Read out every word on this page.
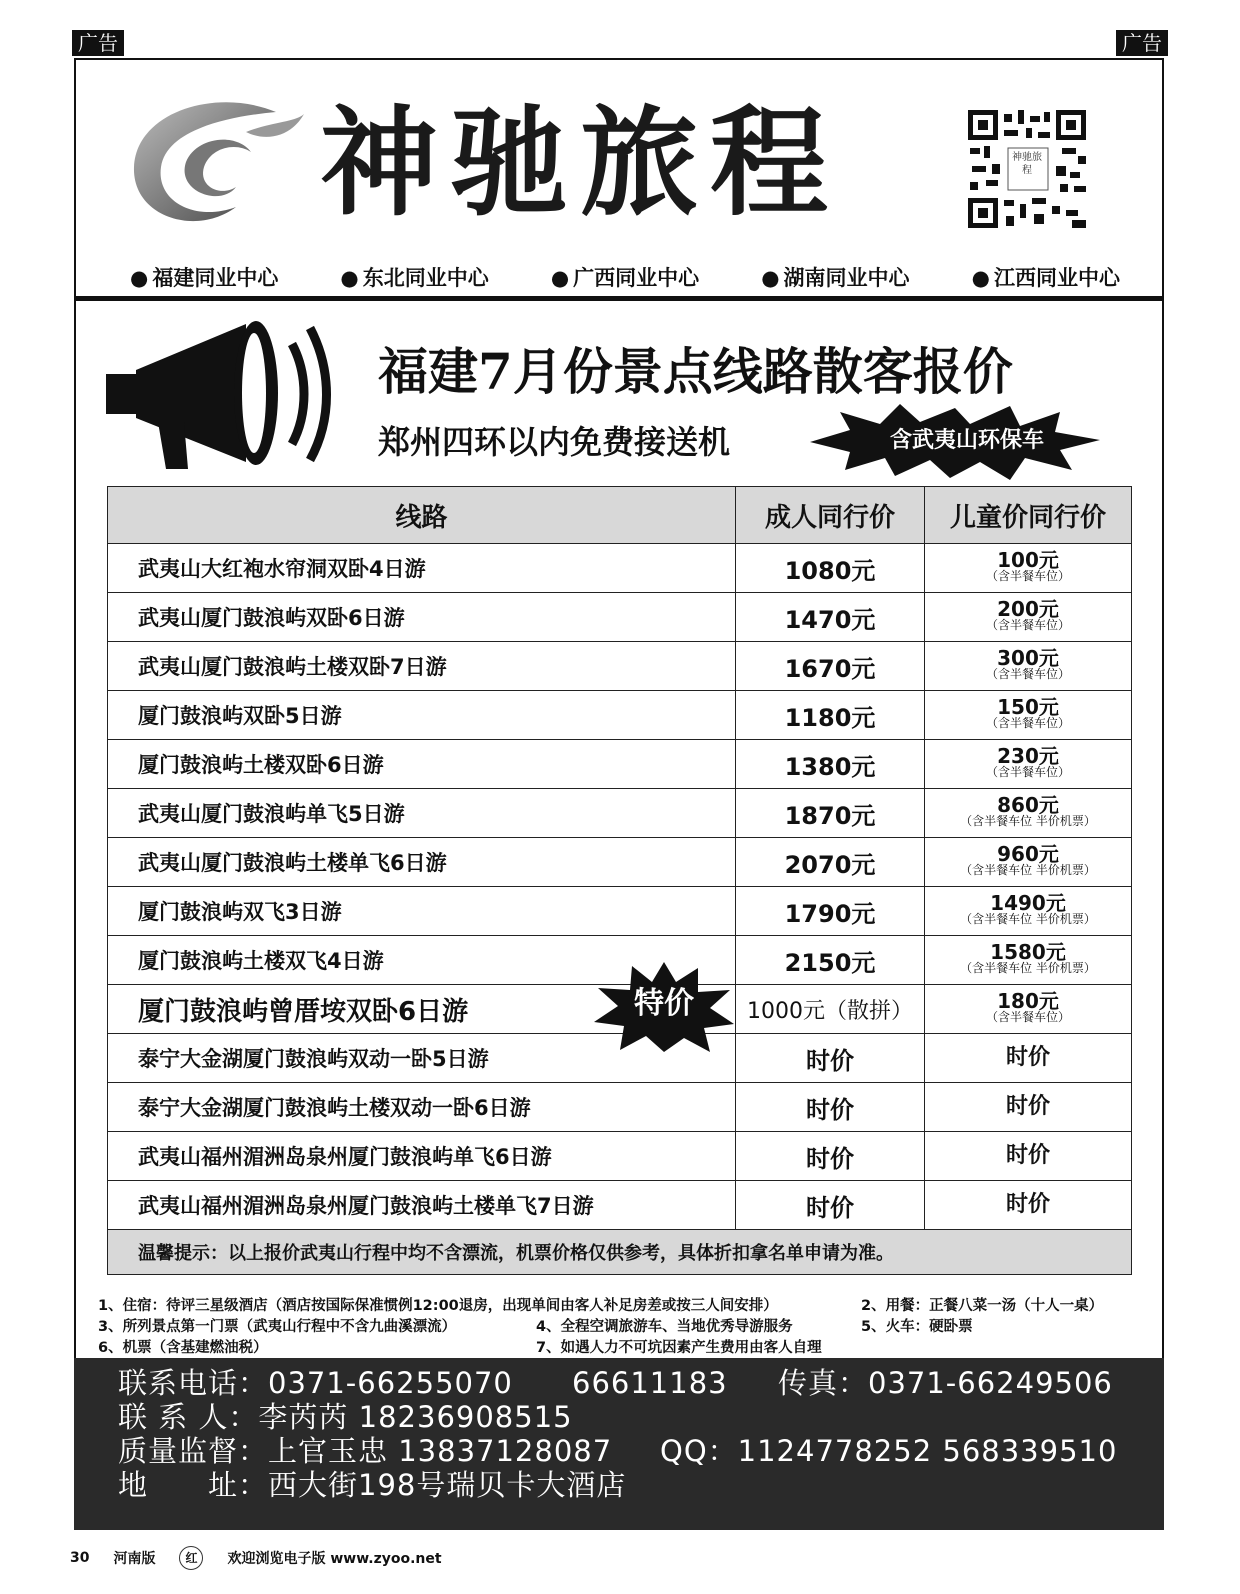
广告	广告
神驰旅程	神驰旅程
● 福建同业中心	● 东北同业中心	● 广西同业中心	● 湖南同业中心	● 江西同业中心
福建7月份景点线路散客报价
郑州四环以内免费接送机	含武夷山环保车
线路	成人同行价	儿童价同行价
武夷山大红袍水帘洞双卧4日游	1080元	100元
（含半餐车位）

武夷山厦门鼓浪屿双卧6日游	1470元	200元
（含半餐车位）

武夷山厦门鼓浪屿土楼双卧7日游	1670元	300元
（含半餐车位）

厦门鼓浪屿双卧5日游	1180元	150元
（含半餐车位）

厦门鼓浪屿土楼双卧6日游	1380元	230元
（含半餐车位）

武夷山厦门鼓浪屿单飞5日游	1870元	860元
（含半餐车位 半价机票）

武夷山厦门鼓浪屿土楼单飞6日游	2070元	960元
（含半餐车位 半价机票）

厦门鼓浪屿双飞3日游	1790元	1490元
（含半餐车位 半价机票）

厦门鼓浪屿土楼双飞4日游	2150元	1580元
（含半餐车位 半价机票）

厦门鼓浪屿曾厝垵双卧6日游	1000元（散拼）	180元
（含半餐车位）

泰宁大金湖厦门鼓浪屿双动一卧5日游	时价	时价

泰宁大金湖厦门鼓浪屿土楼双动一卧6日游	时价	时价

武夷山福州湄洲岛泉州厦门鼓浪屿单飞6日游	时价	时价

武夷山福州湄洲岛泉州厦门鼓浪屿土楼单飞7日游	时价	时价

温馨提示：以上报价武夷山行程中均不含漂流，机票价格仅供参考，具体折扣拿名单申请为准。		
特价
1、住宿：待评三星级酒店（酒店按国际保准惯例12:00退房，出现单间由客人补足房差或按三人间安排）	2、用餐：正餐八菜一汤（十人一桌）
3、所列景点第一门票（武夷山行程中不含九曲溪漂流）	4、全程空调旅游车、当地优秀导游服务	5、火车：硬卧票
6、机票（含基建燃油税）	7、如遇人力不可坑因素产生费用由客人自理
联系电话：0371-66255070 66611183 传真：0371-66249506
联 系 人：李芮芮 18236908515
质量监督：上官玉忠 13837128087 QQ：1124778252 568339510
地　　址：西大街198号瑞贝卡大酒店
30 河南版	红	欢迎浏览电子版 www.zyoo.net
